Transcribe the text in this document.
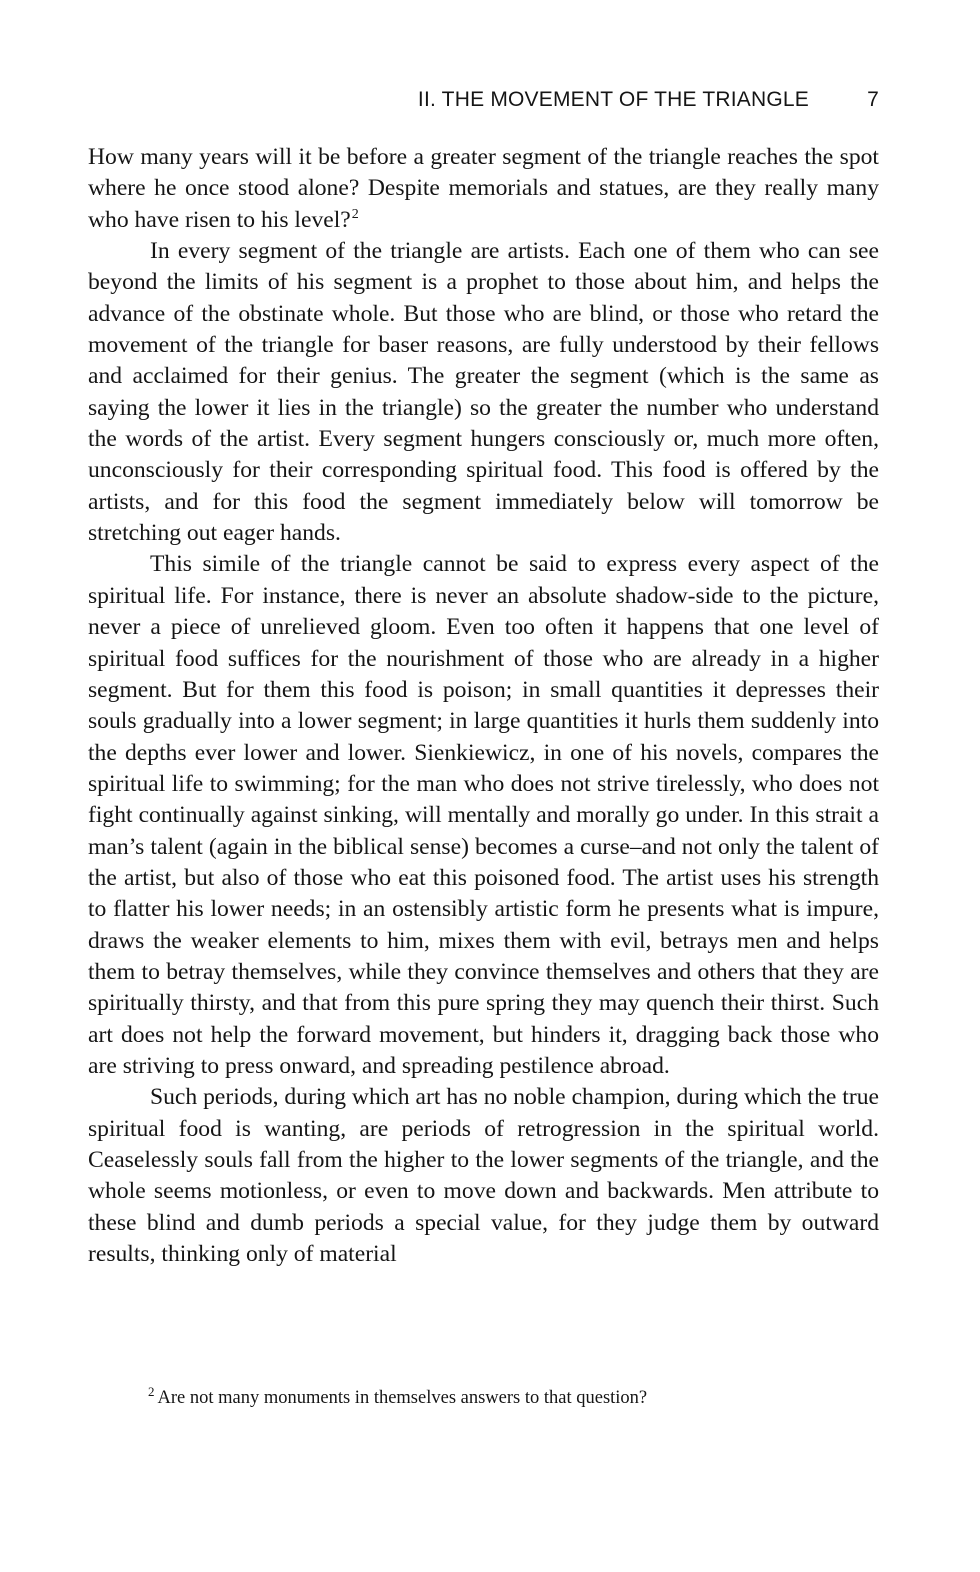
II. THE MOVEMENT OF THE TRIANGLE	7

How many years will it be before a greater segment of the triangle reaches the spot where he once stood alone? Despite memorials and statues, are they really many who have risen to his level?$^2$

In every segment of the triangle are artists. Each one of them who can see beyond the limits of his segment is a prophet to those about him, and helps the advance of the obstinate whole. But those who are blind, or those who retard the movement of the triangle for baser reasons, are fully understood by their fellows and acclaimed for their genius. The greater the segment (which is the same as saying the lower it lies in the triangle) so the greater the number who understand the words of the artist. Every segment hungers consciously or, much more often, unconsciously for their corresponding spiritual food. This food is offered by the artists, and for this food the segment immediately below will tomorrow be stretching out eager hands.

This simile of the triangle cannot be said to express every aspect of the spiritual life. For instance, there is never an absolute shadow-side to the picture, never a piece of unrelieved gloom. Even too often it happens that one level of spiritual food suffices for the nourishment of those who are already in a higher segment. But for them this food is poison; in small quantities it depresses their souls gradually into a lower segment; in large quantities it hurls them suddenly into the depths ever lower and lower. Sienkiewicz, in one of his novels, compares the spiritual life to swimming; for the man who does not strive tirelessly, who does not fight continually against sinking, will mentally and morally go under. In this strait a man’s talent (again in the biblical sense) becomes a curse–and not only the talent of the artist, but also of those who eat this poisoned food. The artist uses his strength to flatter his lower needs; in an ostensibly artistic form he presents what is impure, draws the weaker elements to him, mixes them with evil, betrays men and helps them to betray themselves, while they convince themselves and others that they are spiritually thirsty, and that from this pure spring they may quench their thirst. Such art does not help the forward movement, but hinders it, dragging back those who are striving to press onward, and spreading pestilence abroad.

Such periods, during which art has no noble champion, during which the true spiritual food is wanting, are periods of retrogression in the spiritual world. Ceaselessly souls fall from the higher to the lower segments of the triangle, and the whole seems motionless, or even to move down and backwards. Men attribute to these blind and dumb periods a special value, for they judge them by outward results, thinking only of material

$^2$ Are not many monuments in themselves answers to that question?
